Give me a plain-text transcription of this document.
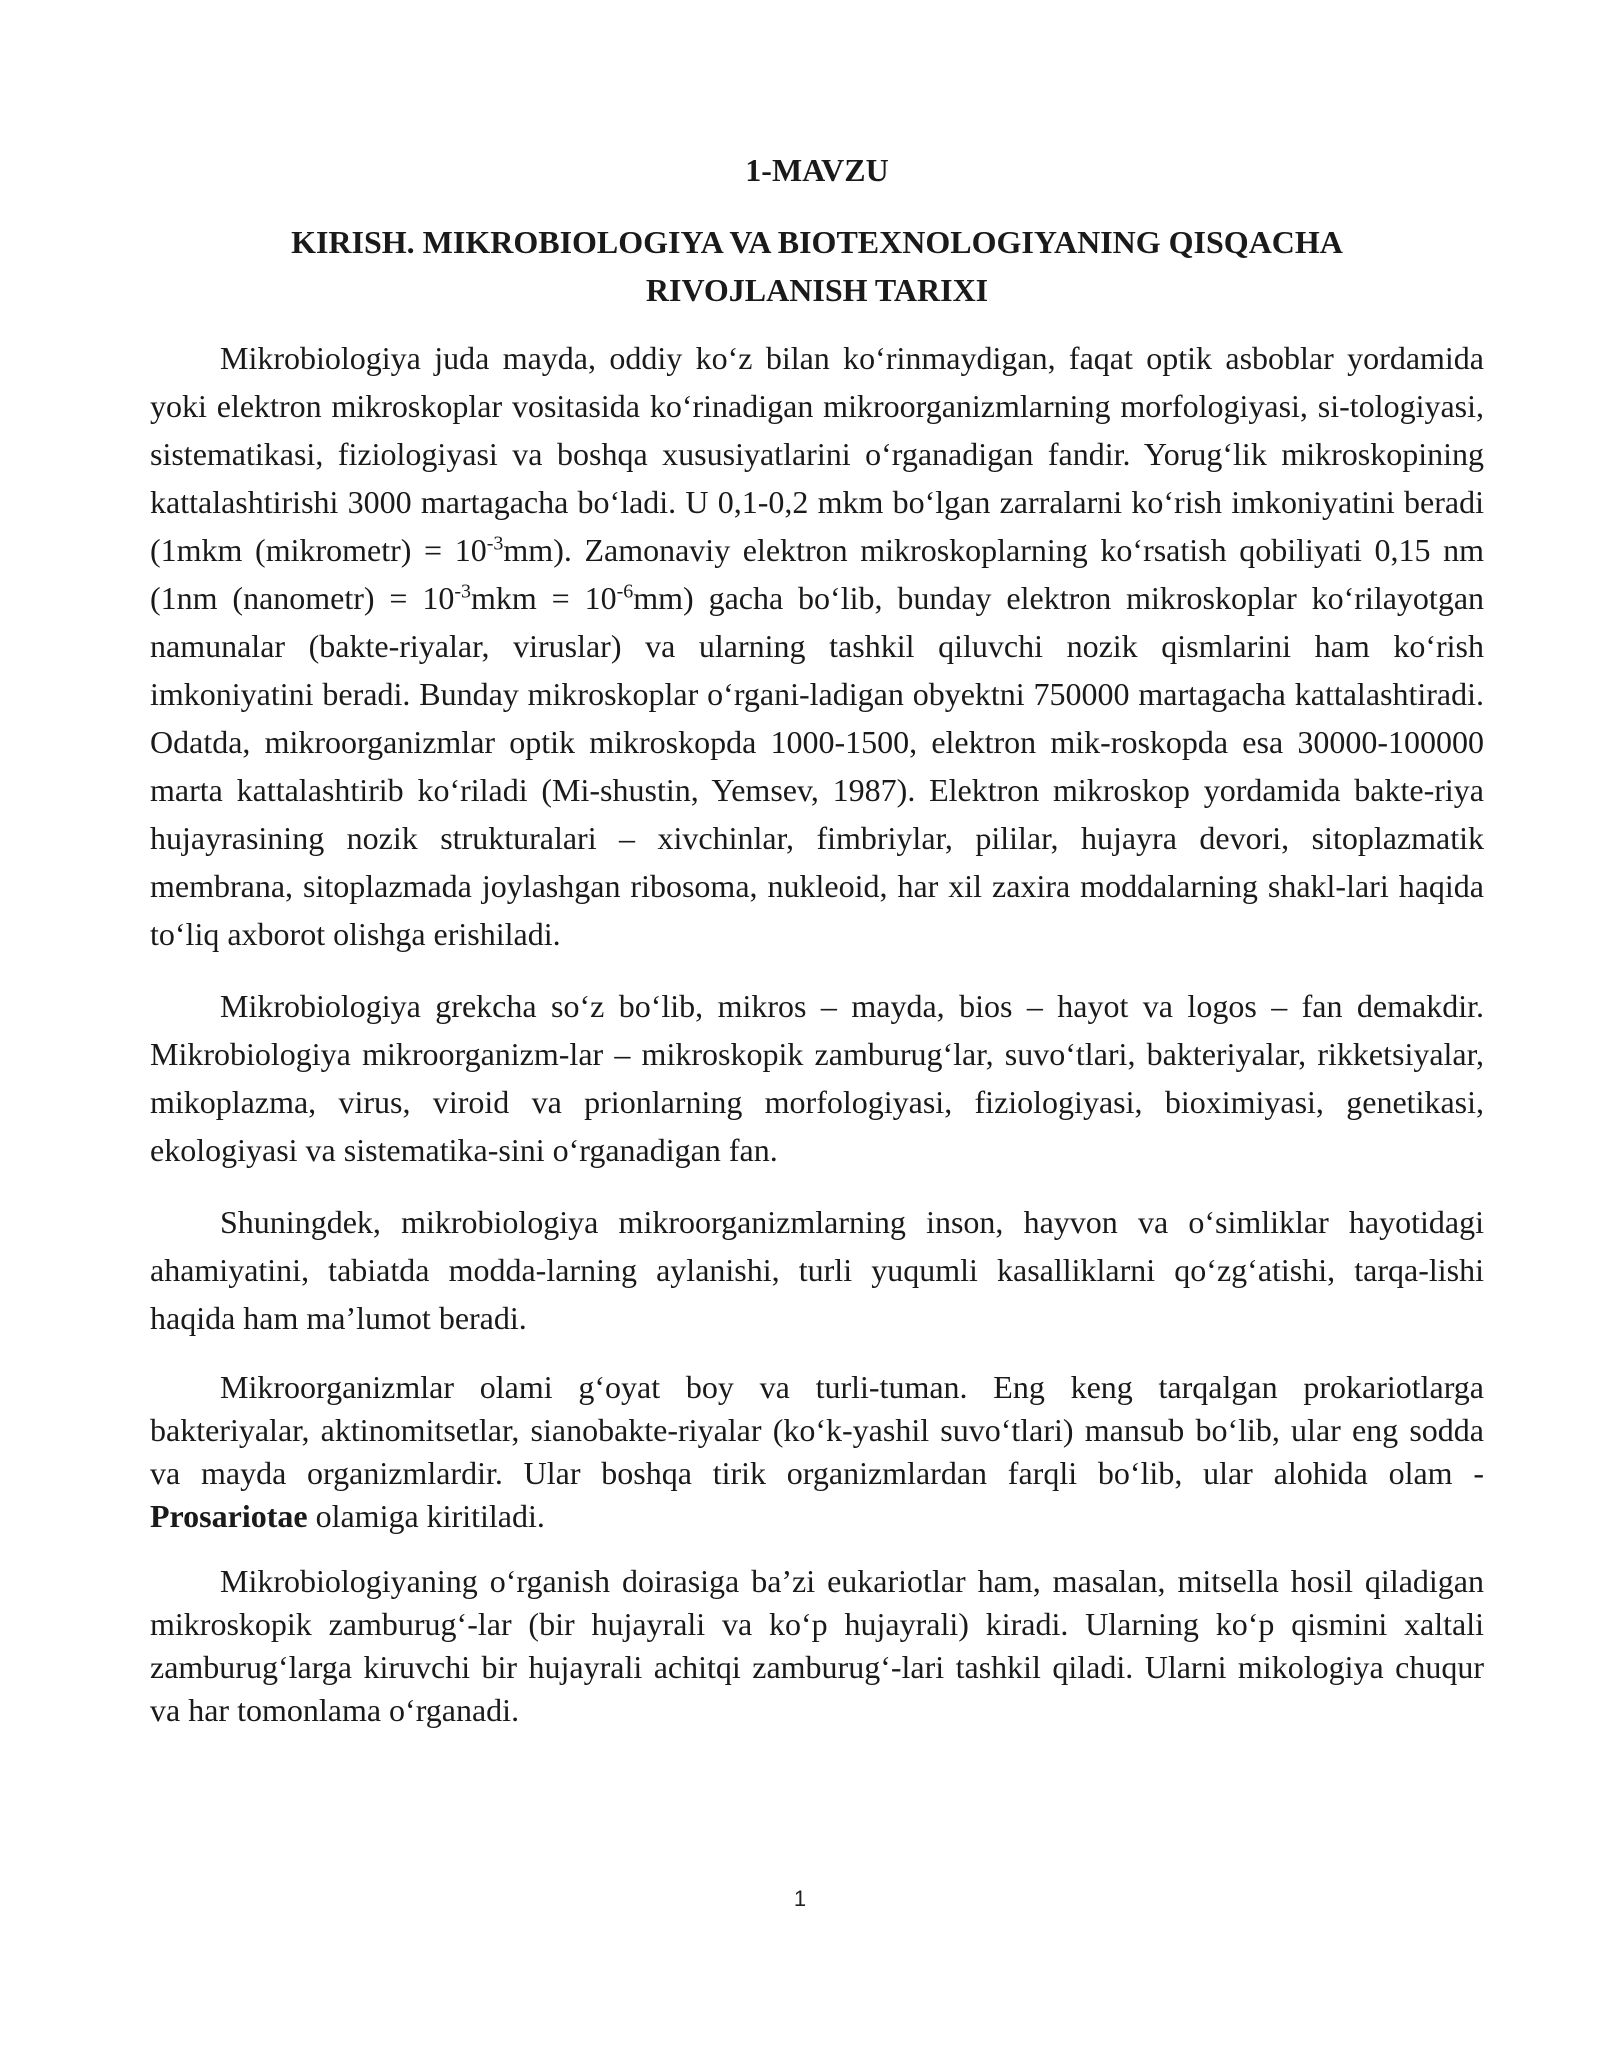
1-MAVZU
KIRISH. MIKROBIOLOGIYA VA BIOTEXNOLOGIYANING QISQACHA RIVOJLANISH TARIXI

Mikrobiologiya juda mayda, oddiy ko‘z bilan ko‘rinmaydigan, faqat optik asboblar yordamida yoki elektron mikroskoplar vositasida ko‘rinadigan mikroorganizmlarning morfologiyasi, si-tologiyasi, sistematikasi, fiziologiyasi va boshqa xususiyatlarini o‘rganadigan fandir. Yorug‘lik mikroskopining kattalashtirishi 3000 martagacha bo‘ladi. U 0,1-0,2 mkm bo‘lgan zarralarni ko‘rish imkoniyatini beradi (1mkm (mikrometr) = $10^{-3}mm$). Zamonaviy elektron mikroskoplarning ko‘rsatish qobiliyati 0,15 nm (1nm (nanometr) = $10^{-3}mkm = 10^{-6}mm$) gacha bo‘lib, bunday elektron mikroskoplar ko‘rilayotgan namunalar (bakte-riyalar, viruslar) va ularning tashkil qiluvchi nozik qismlarini ham ko‘rish imkoniyatini beradi. Bunday mikroskoplar o‘rgani-ladigan obyektni 750000 martagacha kattalashtiradi. Odatda, mikroorganizmlar optik mikroskopda 1000-1500, elektron mik-roskopda esa 30000-100000 marta kattalashtirib ko‘riladi (Mi-shustin, Yemsev, 1987). Elektron mikroskop yordamida bakte-riya hujayrasining nozik strukturalari – xivchinlar, fimbriylar, pililar, hujayra devori, sitoplazmatik membrana, sitoplazmada joylashgan ribosoma, nukleoid, har xil zaxira moddalarning shakl-lari haqida to‘liq axborot olishga erishiladi.

Mikrobiologiya grekcha so‘z bo‘lib, mikros – mayda, bios – hayot va logos – fan demakdir. Mikrobiologiya mikroorganizm-lar – mikroskopik zamburug‘lar, suvo‘tlari, bakteriyalar, rikketsiyalar, mikoplazma, virus, viroid va prionlarning morfologiyasi, fiziologiyasi, bioximiyasi, genetikasi, ekologiyasi va sistematika-sini o‘rganadigan fan.

Shuningdek, mikrobiologiya mikroorganizmlarning inson, hayvon va o‘simliklar hayotidagi ahamiyatini, tabiatda modda-larning aylanishi, turli yuqumli kasalliklarni qo‘zg‘atishi, tarqa-lishi haqida ham ma’lumot beradi.

Mikroorganizmlar olami g‘oyat boy va turli-tuman. Eng keng tarqalgan prokariotlarga bakteriyalar, aktinomitsetlar, sianobakte-riyalar (ko‘k-yashil suvo‘tlari) mansub bo‘lib, ular eng sodda va mayda organizmlardir. Ular boshqa tirik organizmlardan farqli bo‘lib, ular alohida olam - Prosariotae olamiga kiritiladi.

Mikrobiologiyaning o‘rganish doirasiga ba’zi eukariotlar ham, masalan, mitsella hosil qiladigan mikroskopik zamburug‘-lar (bir hujayrali va ko‘p hujayrali) kiradi. Ularning ko‘p qismini xaltali zamburug‘larga kiruvchi bir hujayrali achitqi zamburug‘-lari tashkil qiladi. Ularni mikologiya chuqur va har tomonlama o‘rganadi.

1
